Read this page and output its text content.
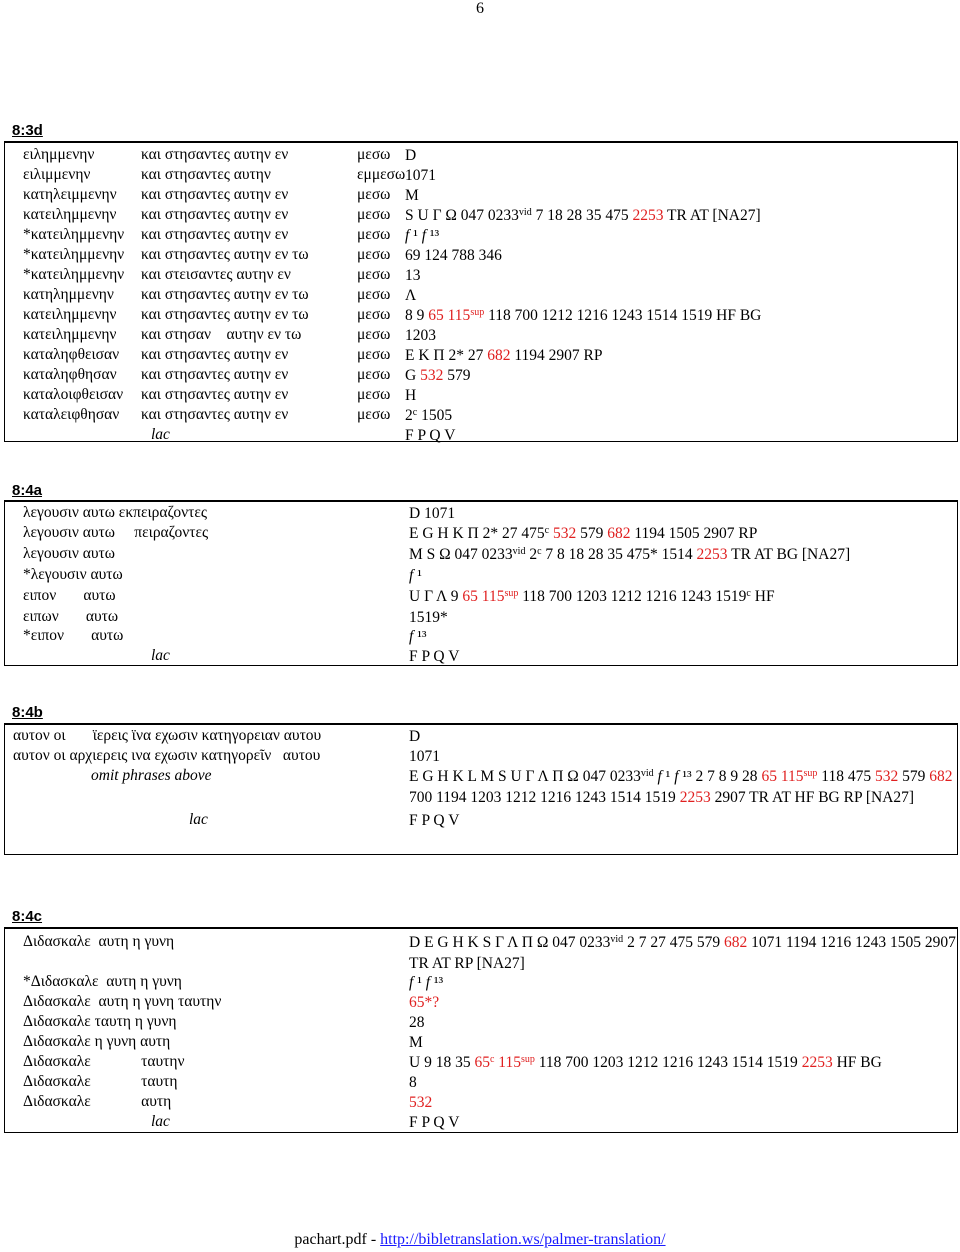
6
8:3d
ειλημμενην	και στησαντες αυτην εν	μεσω D
ειλιμμενην	και στησαντες αυτην	εμμεσω 1071
κατηλειμμενην και στησαντες αυτην εν	μεσω M
κατειλημμενην και στησαντες αυτην εν	μεσω S U Γ Ω 047 $0233^{vid}$ 7 18 28 35 475 2253 TR AT [NA27]
*κατειλημμενην και στησαντες αυτην εν	μεσω f ¹ f ¹³
*κατειλημμενην και στησαντες αυτην εν τω	μεσω 69 124 788 346
*κατειλημμενην και στεισαντες αυτην εν	μεσω 13
κατηλημμενην και στησαντες αυτην εν τω	μεσω Λ
κατειλημμενην και στησαντες αυτην εν τω	μεσω 8 9 65 $115^{sup}$ 118 700 1212 1216 1243 1514 1519 HF BG
κατειλημμενην και στησαν    αυτην εν τω	μεσω 1203
καταληφθεισαν και στησαντες αυτην εν	μεσω E K Π 2* 27 682 1194 2907 RP
καταληφθησαν και στησαντες αυτην εν	μεσω G 532 579
καταλοιφθεισαν και στησαντες αυτην εν	μεσω H
καταλειφθησαν και στησαντες αυτην εν	μεσω 2$^c$ 1505
lac	F P Q V
8:4a
λεγουσιν αυτω εκπειραζοντες	D 1071
λεγουσιν αυτω     πειραζοντες	E G H K Π 2* 27 475$^c$ 532 579 682 1194 1505 2907 RP
λεγουσιν αυτω	M S Ω 047 $0233^{vid}$ 2$^c$ 7 8 18 28 35 475* 1514 2253 TR AT BG [NA27]
*λεγουσιν αυτω	f ¹
ειπον       αυτω	U Γ Λ 9 65 $115^{sup}$ 118 700 1203 1212 1216 1243 1519$^c$ HF
ειπων       αυτω	1519*
*ειπον       αυτω	f ¹³
lac	F P Q V
8:4b
αυτον οι       ϊερεις ϊνα εχωσιν κατηγορειαν αυτου	D
αυτον οι αρχιερεις ινα εχωσιν κατηγορεῖν   αυτου	1071
omit phrases above	E G H K L M S U Γ Λ Π Ω 047 $0233^{vid}$ f ¹ f ¹³ 2 7 8 9 28 65 $115^{sup}$ 118 475 532 579 682 700 1194 1203 1212 1216 1243 1514 1519 2253 2907 TR AT HF BG RP [NA27]
lac	F P Q V
8:4c
Διδασκαλε  αυτη η γυνη	D E G H K S Γ Λ Π Ω 047 $0233^{vid}$ 2 7 27 475 579 682 1071 1194 1216 1243 1505 2907 TR AT RP [NA27]
*Διδασκαλε  αυτη η γυνη	f ¹ f ¹³
Διδασκαλε  αυτη η γυνη ταυτην	65*?
Διδασκαλε ταυτη η γυνη	28
Διδασκαλε η γυνη αυτη	M
Διδασκαλε             ταυτην	U 9 18 35 65$^c$ $115^{sup}$ 118 700 1203 1212 1216 1243 1514 1519 2253 HF BG
Διδασκαλε             ταυτη	8
Διδασκαλε             αυτη	532
lac	F P Q V
pachart.pdf - http://bibletranslation.ws/palmer-translation/
